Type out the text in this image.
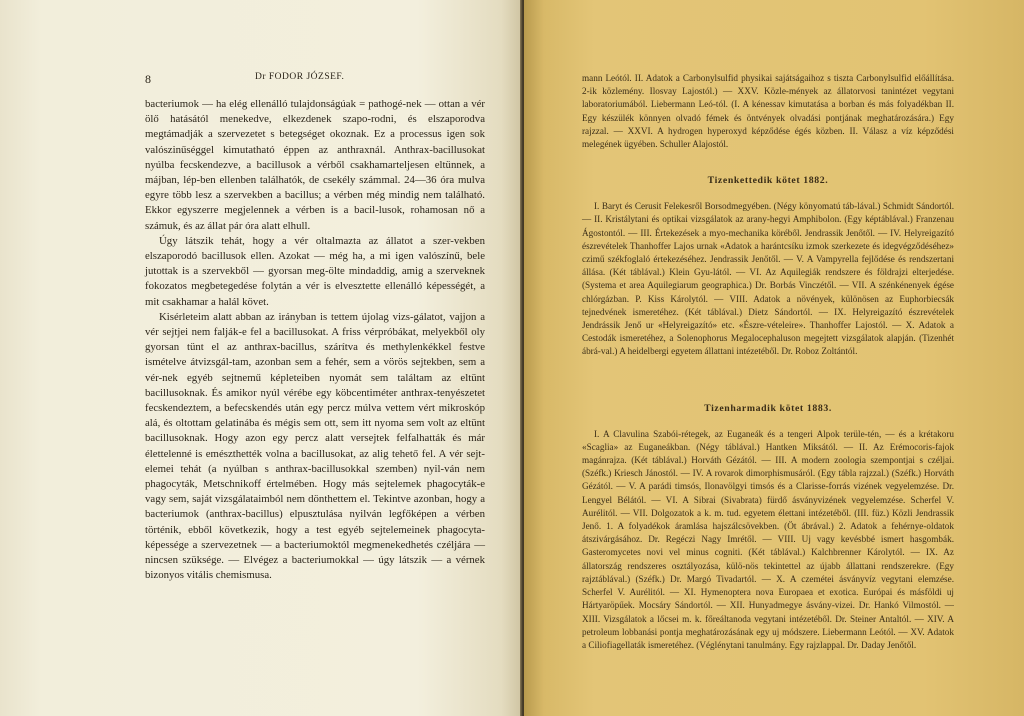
8	Dr FODOR JÓZSEF.

bacteriumok — ha elég ellenálló tulajdonságúak = pathogé-nek — ottan a vér ölő hatásától menekedve, elkezdenek szapo-rodni, és elszaporodva megtámadják a szervezetet s betegséget okoznak. Ez a processus igen sok valószinűséggel kimutatható éppen az anthraxnál. Anthrax-bacillusokat nyúlba fecskendezve, a bacillusok a vérből csakhamarteljesen eltünnek, a májban, lép-ben ellenben találhatók, de csekély számmal. 24—36 óra mulva egyre több lesz a szervekben a bacillus; a vérben még mindig nem található. Ekkor egyszerre megjelennek a vérben is a bacil-lusok, rohamosan nő a számuk, és az állat pár óra alatt elhull.

Úgy látszik tehát, hogy a vér oltalmazta az állatot a szer-vekben elszaporodó bacillusok ellen. Azokat — még ha, a mi igen valószínű, bele jutottak is a szervekből — gyorsan meg-ölte mindaddig, amig a szerveknek fokozatos megbetegedése folytán a vér is elvesztette ellenálló képességét, a mit csakhamar a halál követ.

Kisérleteim alatt abban az irányban is tettem újolag vizs-gálatot, vajjon a vér sejtjei nem falják-e fel a bacillusokat. A friss vérpróbákat, melyekből oly gyorsan tünt el az anthrax-bacillus, szárítva és methylenkékkel festve ismételve átvizsgál-tam, azonban sem a fehér, sem a vörös sejtekben, sem a vér-nek egyéb sejtnemű képleteiben nyomát sem találtam az eltünt bacillusoknak. És amikor nyúl vérébe egy köbcentiméter anthrax-tenyészetet fecskendeztem, a befecskendés után egy percz múlva vettem vért mikroskóp alá, és oltottam gelatinába és mégis sem ott, sem itt nyoma sem volt az eltünt bacillusoknak. Hogy azon egy percz alatt versejtek felfalhatták és már élettelenné is emészthették volna a bacillusokat, az alig tehető fel. A vér sejt-elemei tehát (a nyúlban s anthrax-bacillusokkal szemben) nyil-ván nem phagocyták, Metschnikoff értelmében. Hogy más sejtelemek phagocyták-e vagy sem, saját vizsgálataimból nem dönthettem el. Tekintve azonban, hogy a bacteriumok (anthrax-bacillus) elpusztulása nyilván legfőképen a vérben történik, ebből következik, hogy a test egyéb sejtelemeinek phagocyta-képessége a szervezetnek — a bacteriumoktól megmenekedhetés czéljára — nincsen szüksége. — Elvégez a bacteriumokkal — úgy látszik — a vérnek bizonyos vitális chemismusa.

mann Leótól. II. Adatok a Carbonylsulfid physikai sajátságaihoz s tiszta Carbonylsulfid előállítása. 2-ik közlemény. Ilosvay Lajostól.) — XXV. Közle-mények az állatorvosi tanintézet vegytani laboratoriumából. Liebermann Leó-tól. (I. A kénessav kimutatása a borban és más folyadékban II. Egy készülék könnyen olvadó fémek és öntvények olvadási pontjának meghatározására.) Egy rajzzal. — XXVI. A hydrogen hyperoxyd képződése égés közben. II. Válasz a víz képződési melegének ügyében. Schuller Alajostól.

Tizenkettedik kötet 1882.

I. Baryt és Cerusit Felekesről Borsodmegyében. (Négy könyomatú táb-lával.) Schmidt Sándortól. — II. Kristálytani és optikai vizsgálatok az arany-hegyi Amphibolon. (Egy képtáblával.) Franzenau Ágostontól. — III. Értekezések a myo-mechanika köréből. Jendrassik Jenőtől. — IV. Helyreigazító észrevételek Thanhoffer Lajos urnak «Adatok a harántcsíku izmok szerkezete és idegvégződéséhez» czimű székfoglaló értekezéséhez. Jendrassik Jenőtől. — V. A Vampyrella fejlődése és rendszertani állása. (Két táblával.) Klein Gyu-lától. — VI. Az Aquilegiák rendszere és földrajzi elterjedése. (Systema et area Aquilegiarum geographica.) Dr. Borbás Vinczétől. — VII. A szénkénenyek égése chlórgázban. P. Kiss Károlytól. — VIII. Adatok a növények, különösen az Euphorbiecsák tejnedvének ismeretéhez. (Két táblával.) Dietz Sándortól. — IX. Helyreigazító észrevételek Jendrássik Jenő ur «Helyreigazító» etc. «Észre-vételeire». Thanhoffer Lajostól. — X. Adatok a Cestodák ismeretéhez, a Solenophorus Megalocephaluson megejtett vizsgálatok alapján. (Tizenhét ábrá-val.) A heidelbergi egyetem állattani intézetéből. Dr. Roboz Zoltántól.

Tizenharmadik kötet 1883.

I. A Clavulina Szabói-rétegek, az Euganeák és a tengeri Alpok terüle-tén, — és a krétakoru «Scaglia» az Euganeákban. (Négy táblával.) Hantken Miksától. — II. Az Erémocoris-fajok magánrajza. (Két táblával.) Horváth Gézától. — III. A modern zoologia szempontjai s czéljai. (Széfk.) Kriesch Jánostól. — IV. A rovarok dimorphismusáról. (Egy tábla rajzzal.) (Széfk.) Horváth Gézától. — V. A parádi timsós, Ilonavölgyi timsós és a Clarisse-forrás vizének vegyelemzése. Dr. Lengyel Bélától. — VI. A Sibrai (Sivabrata) fürdő ásványvizének vegyelemzése. Scherfel V. Aurélitól. — VII. Dolgozatok a k. m. tud. egyetem élettani intézetéből. (III. füz.) Közli Jendrassik Jenő. 1. A folyadékok áramlása hajszálcsövekben. (Öt ábrával.) 2. Adatok a fehérnye-oldatok átszivárgásához. Dr. Regéczi Nagy Imrétől. — VIII. Uj vagy kevésbbé ismert hasgombák. Gasteromycetes novi vel minus cogniti. (Két táblával.) Kalchbrenner Károlytól. — IX. Az állatország rendszeres osztályozása, külö-nös tekintettel az újabb állattani rendszerekre. (Egy rajztáblával.) (Széfk.) Dr. Margó Tivadartól. — X. A czemétei ásványvíz vegytani elemzése. Scherfel V. Aurélitól. — XI. Hymenoptera nova Europaea et exotica. Európai és másföldi uj Hártyaröpűek. Mocsáry Sándortól. — XII. Hunyadmegye ásvány-vizei. Dr. Hankó Vilmostól. — XIII. Vizsgálatok a lőcsei m. k. főreáltanoda vegytani intézetéből. Dr. Steiner Antaltól. — XIV. A petroleum lobbanási pontja meghatározásának egy uj módszere. Liebermann Leótól. — XV. Adatok a Ciliofiagellaták ismeretéhez. (Véglénytani tanulmány. Egy rajzlappal. Dr. Daday Jenőtől.
